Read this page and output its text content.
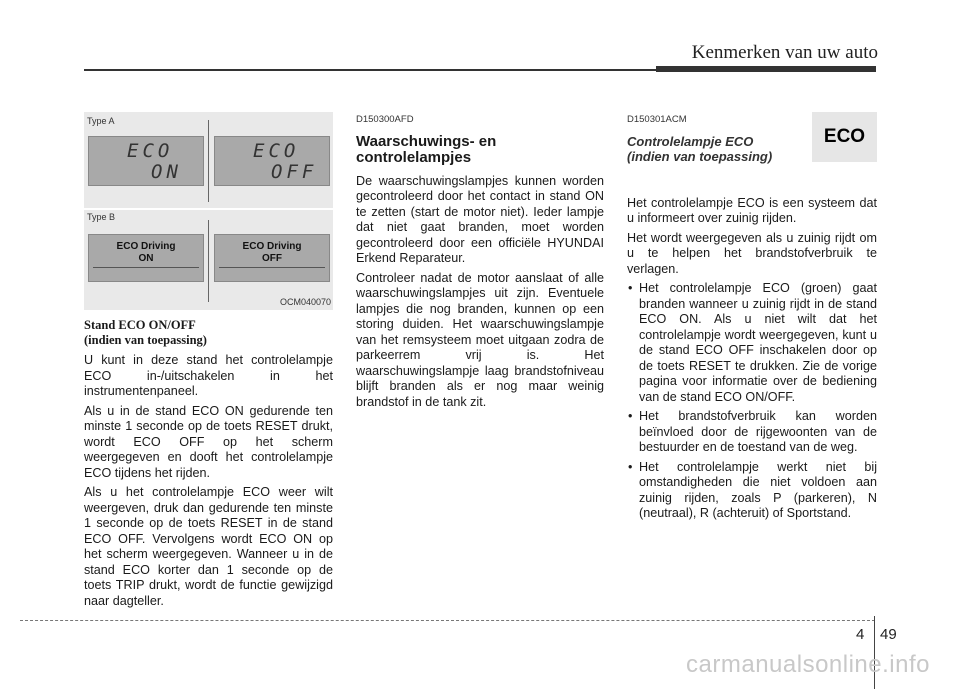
Kenmerken van uw auto
Type A
ECO
ON
ECO
OFF
Type B
ECO Driving
ON
ECO Driving
OFF
OCM040070
Stand ECO ON/OFF
(indien van toepassing)

U kunt in deze stand het controlelampje ECO in-/uitschakelen in het instrumentenpaneel.

Als u in de stand ECO ON gedurende ten minste 1 seconde op de toets RESET drukt, wordt ECO OFF op het scherm weergegeven en dooft het controlelampje ECO tijdens het rijden.

Als u het controlelampje ECO weer wilt weergeven, druk dan gedurende ten minste 1 seconde op de toets RESET in de stand ECO OFF. Vervolgens wordt ECO ON op het scherm weergegeven. Wanneer u in de stand ECO korter dan 1 seconde op de toets TRIP drukt, wordt de functie gewijzigd naar dagteller.

D150300AFD
Waarschuwings- en controlelampjes

De waarschuwingslampjes kunnen worden gecontroleerd door het contact in stand ON te zetten (start de motor niet). Ieder lampje dat niet gaat branden, moet worden gecontroleerd door een officiële HYUNDAI Erkend Reparateur.

Controleer nadat de motor aanslaat of alle waarschuwingslampjes uit zijn. Eventuele lampjes die nog branden, kunnen op een storing duiden. Het waarschuwingslampje van het remsysteem moet uitgaan zodra de parkeerrem vrij is. Het waarschuwingslampje laag brandstofniveau blijft branden als er nog maar weinig brandstof in de tank zit.

D150301ACM
Controlelampje ECO
(indien van toepassing)

Het controlelampje ECO is een systeem dat u informeert over zuinig rijden.

Het wordt weergegeven als u zuinig rijdt om u te helpen het brandstofverbruik te verlagen.

• Het controlelampje ECO (groen) gaat branden wanneer u zuinig rijdt in de stand ECO ON. Als u niet wilt dat het controlelampje wordt weergegeven, kunt u de stand ECO OFF inschakelen door op de toets RESET te drukken. Zie de vorige pagina voor informatie over de bediening van de stand ECO ON/OFF.
• Het brandstofverbruik kan worden beïnvloed door de rijgewoonten van de bestuurder en de toestand van de weg.
• Het controlelampje werkt niet bij omstandigheden die niet voldoen aan zuinig rijden, zoals P (parkeren), N (neutraal), R (achteruit) of Sportstand.
ECO
4 49
carmanualsonline.info
